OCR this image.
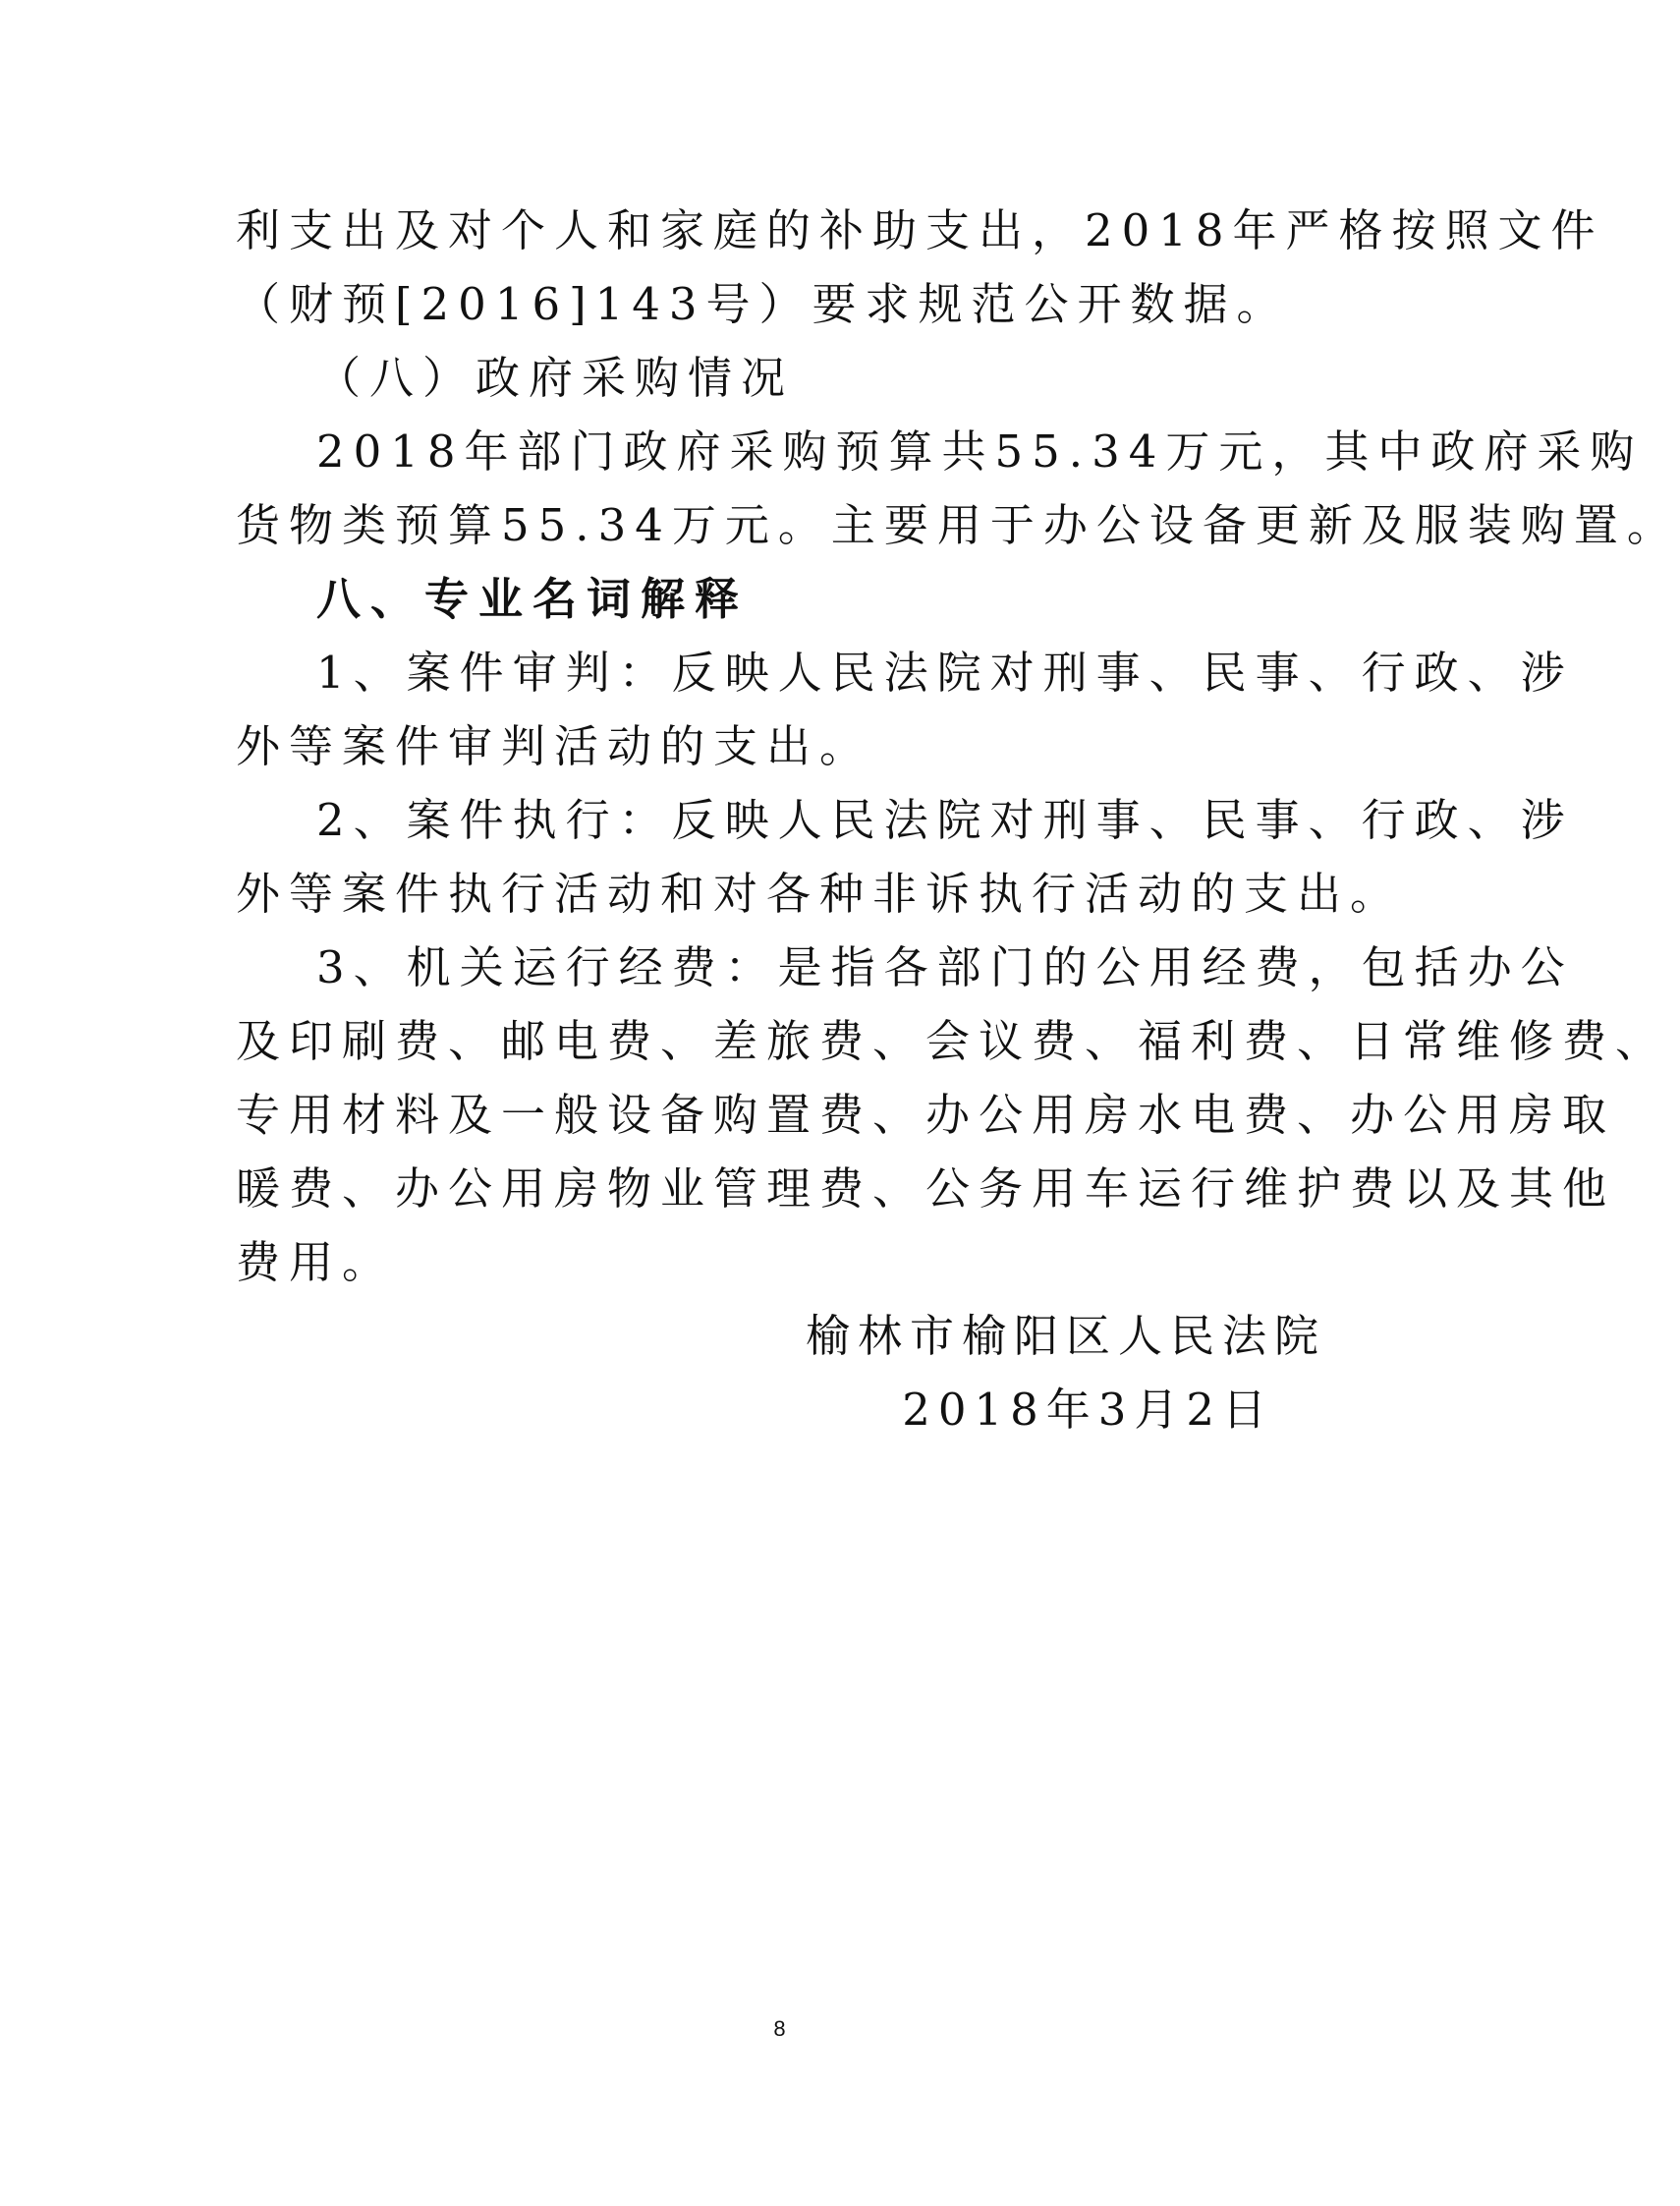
利支出及对个人和家庭的补助支出，2018年严格按照文件
（财预[2016]143号）要求规范公开数据。
（八）政府采购情况
2018年部门政府采购预算共55.34万元，其中政府采购
货物类预算55.34万元。主要用于办公设备更新及服装购置。
八、专业名词解释
1、案件审判：反映人民法院对刑事、民事、行政、涉
外等案件审判活动的支出。
2、案件执行：反映人民法院对刑事、民事、行政、涉
外等案件执行活动和对各种非诉执行活动的支出。
3、机关运行经费：是指各部门的公用经费，包括办公
及印刷费、邮电费、差旅费、会议费、福利费、日常维修费、
专用材料及一般设备购置费、办公用房水电费、办公用房取
暖费、办公用房物业管理费、公务用车运行维护费以及其他
费用。
榆林市榆阳区人民法院
2018年3月2日
8
